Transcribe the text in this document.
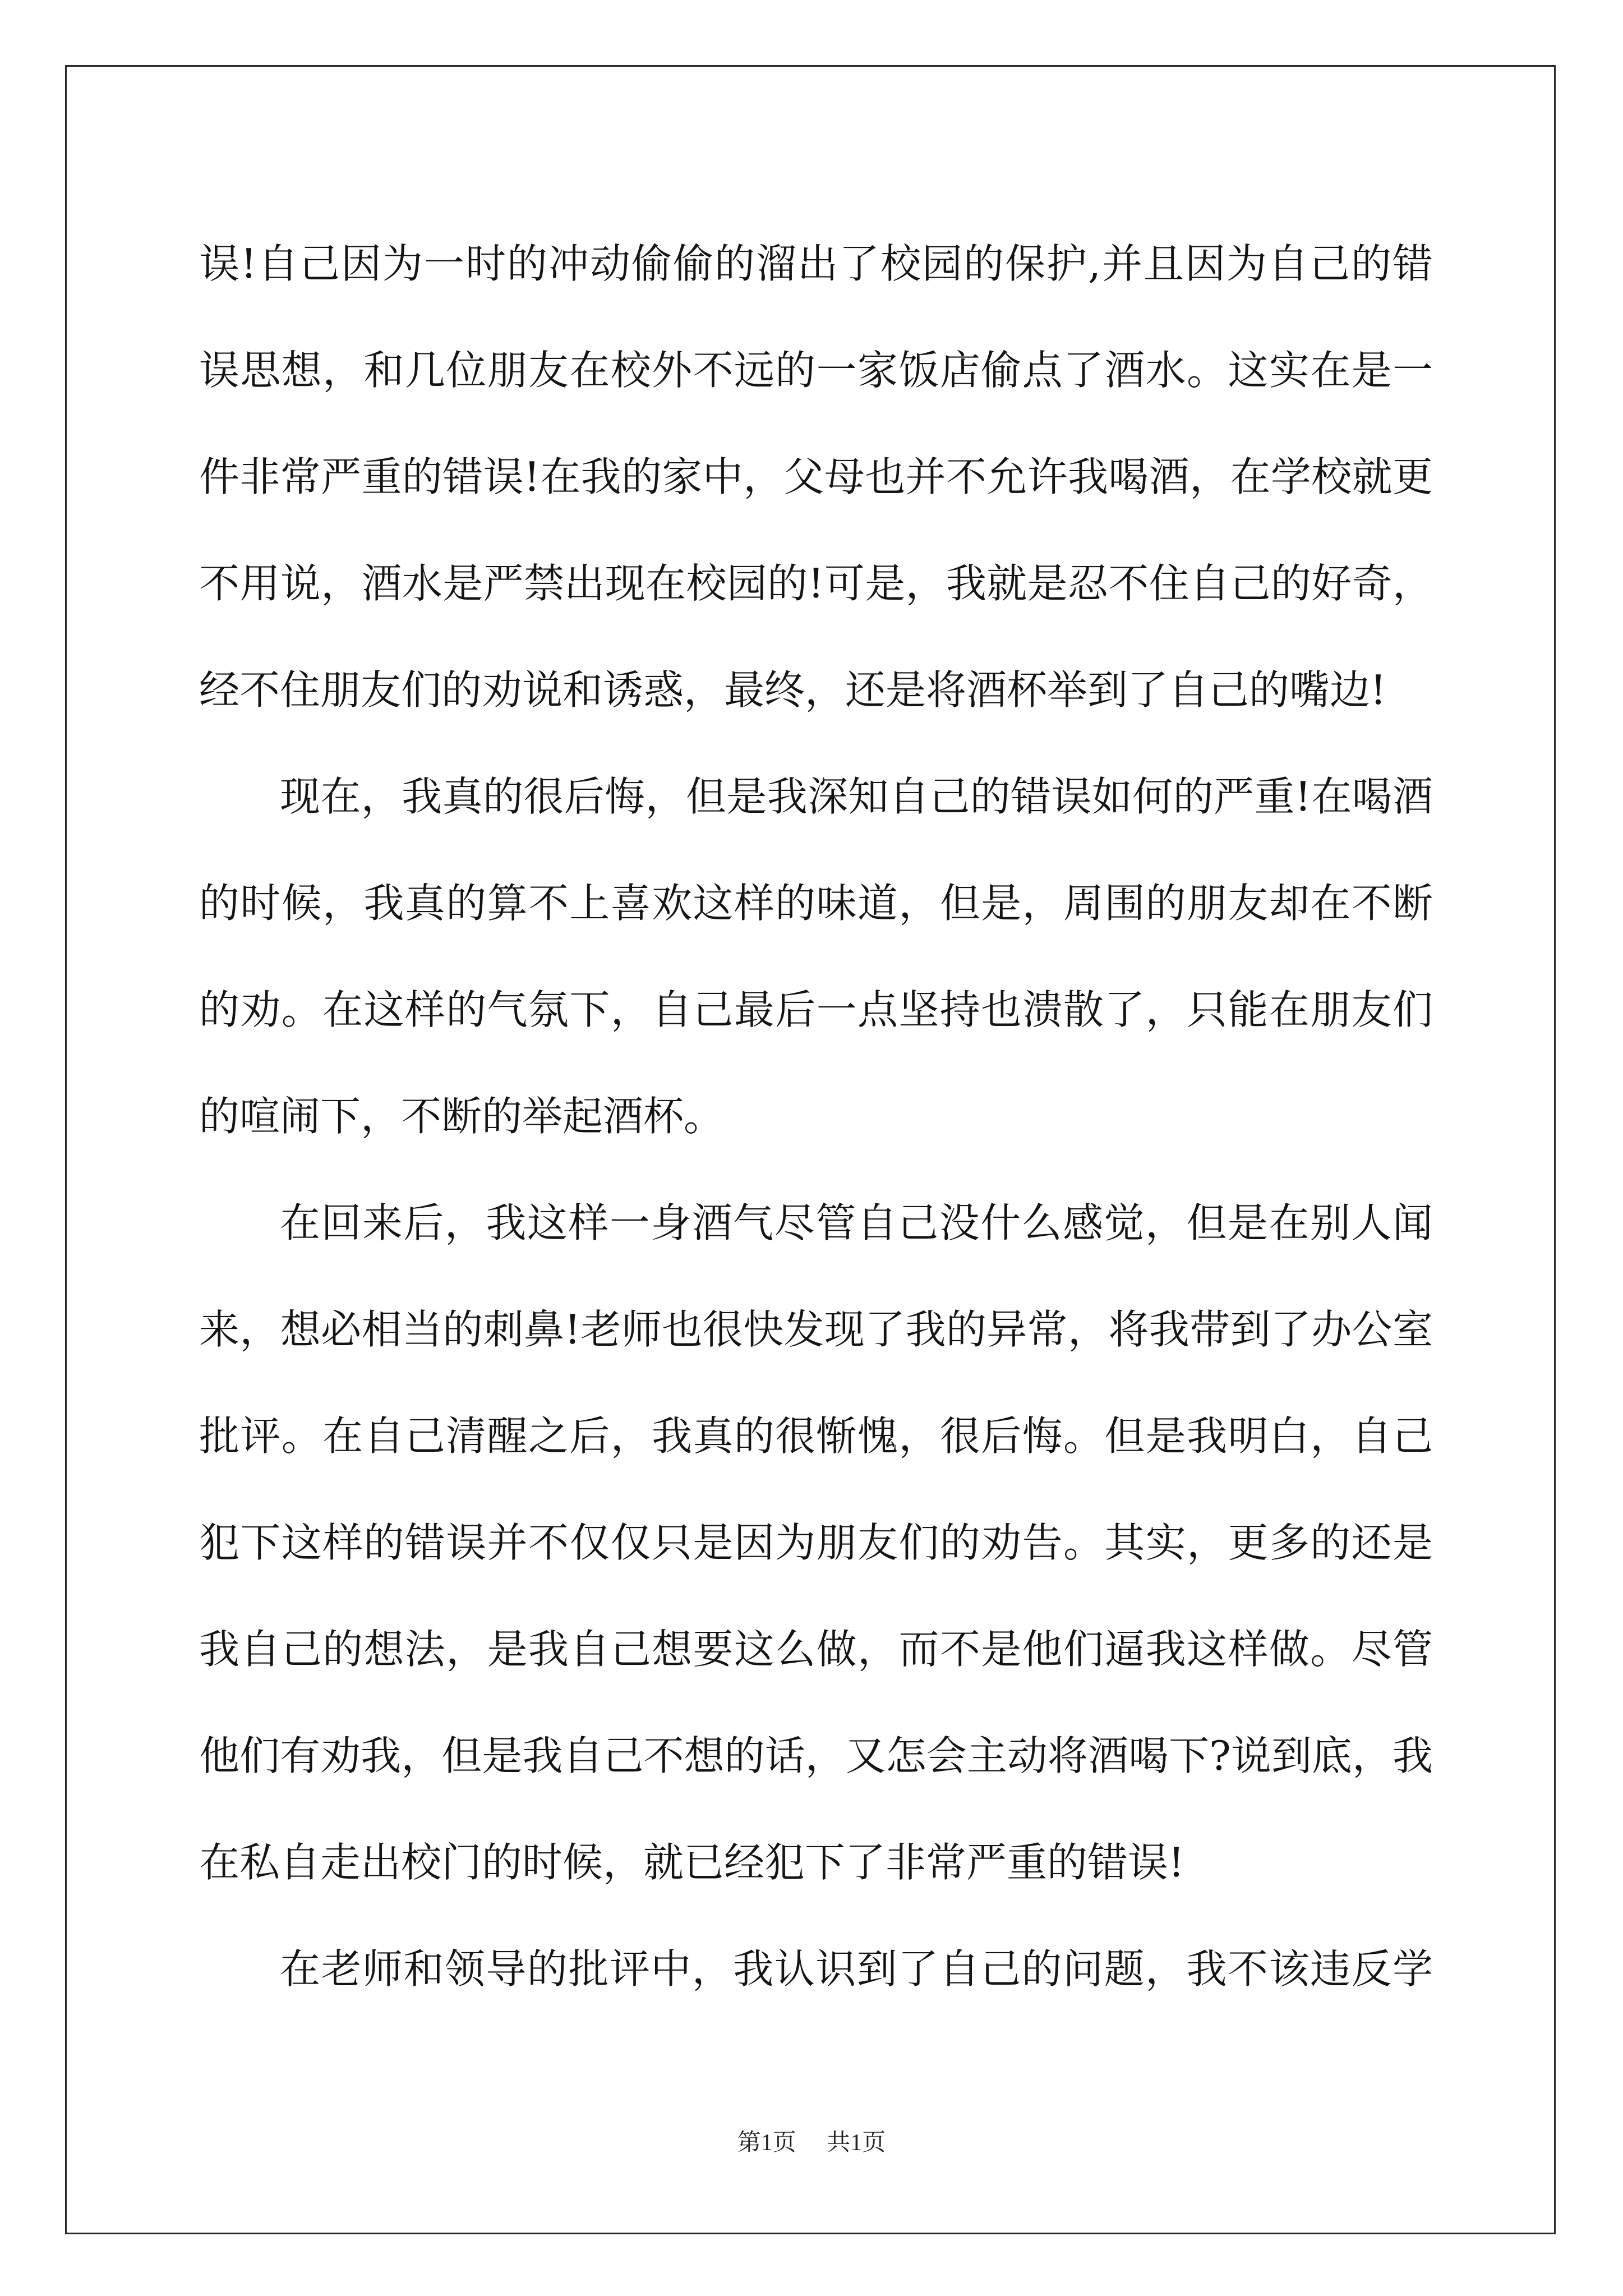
误!自己因为一时的冲动偷偷的溜出了校园的保护,并且因为自己的错
误思想，和几位朋友在校外不远的一家饭店偷点了酒水。这实在是一
件非常严重的错误!在我的家中，父母也并不允许我喝酒，在学校就更
不用说，酒水是严禁出现在校园的!可是，我就是忍不住自己的好奇，
经不住朋友们的劝说和诱惑，最终，还是将酒杯举到了自己的嘴边!
现在，我真的很后悔，但是我深知自己的错误如何的严重!在喝酒
的时候，我真的算不上喜欢这样的味道，但是，周围的朋友却在不断
的劝。在这样的气氛下，自己最后一点坚持也溃散了，只能在朋友们
的喧闹下，不断的举起酒杯。
在回来后，我这样一身酒气尽管自己没什么感觉，但是在别人闻
来，想必相当的刺鼻!老师也很快发现了我的异常，将我带到了办公室
批评。在自己清醒之后，我真的很惭愧，很后悔。但是我明白，自己
犯下这样的错误并不仅仅只是因为朋友们的劝告。其实，更多的还是
我自己的想法，是我自己想要这么做，而不是他们逼我这样做。尽管
他们有劝我，但是我自己不想的话，又怎会主动将酒喝下?说到底，我
在私自走出校门的时候，就已经犯下了非常严重的错误!
在老师和领导的批评中，我认识到了自己的问题，我不该违反学
第1页 共1页
